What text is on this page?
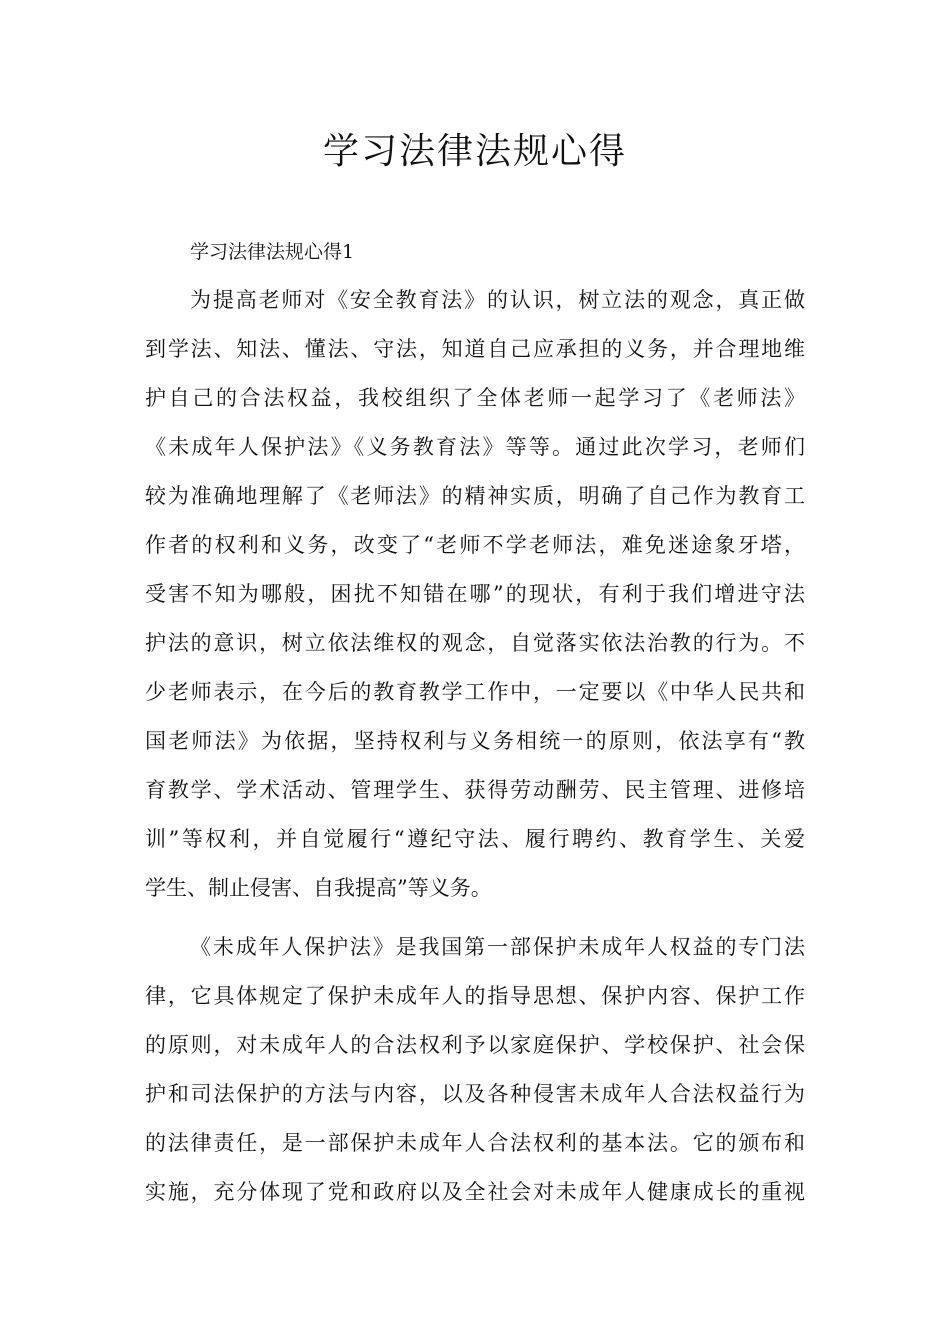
学习法律法规心得

学习法律法规心得1

为提高老师对《安全教育法》的认识，树立法的观念，真正做

到学法、知法、懂法、守法，知道自己应承担的义务，并合理地维

护自己的合法权益，我校组织了全体老师一起学习了《老师法》

《未成年人保护法》《义务教育法》等等。通过此次学习，老师们

较为准确地理解了《老师法》的精神实质，明确了自己作为教育工

作者的权利和义务，改变了“老师不学老师法，难免迷途象牙塔，

受害不知为哪般，困扰不知错在哪”的现状，有利于我们增进守法

护法的意识，树立依法维权的观念，自觉落实依法治教的行为。不

少老师表示，在今后的教育教学工作中，一定要以《中华人民共和

国老师法》为依据，坚持权利与义务相统一的原则，依法享有“教

育教学、学术活动、管理学生、获得劳动酬劳、民主管理、进修培

训”等权利，并自觉履行“遵纪守法、履行聘约、教育学生、关爱

学生、制止侵害、自我提高”等义务。

《未成年人保护法》是我国第一部保护未成年人权益的专门法

律，它具体规定了保护未成年人的指导思想、保护内容、保护工作

的原则，对未成年人的合法权利予以家庭保护、学校保护、社会保

护和司法保护的方法与内容，以及各种侵害未成年人合法权益行为

的法律责任，是一部保护未成年人合法权利的基本法。它的颁布和

实施，充分体现了党和政府以及全社会对未成年人健康成长的重视
